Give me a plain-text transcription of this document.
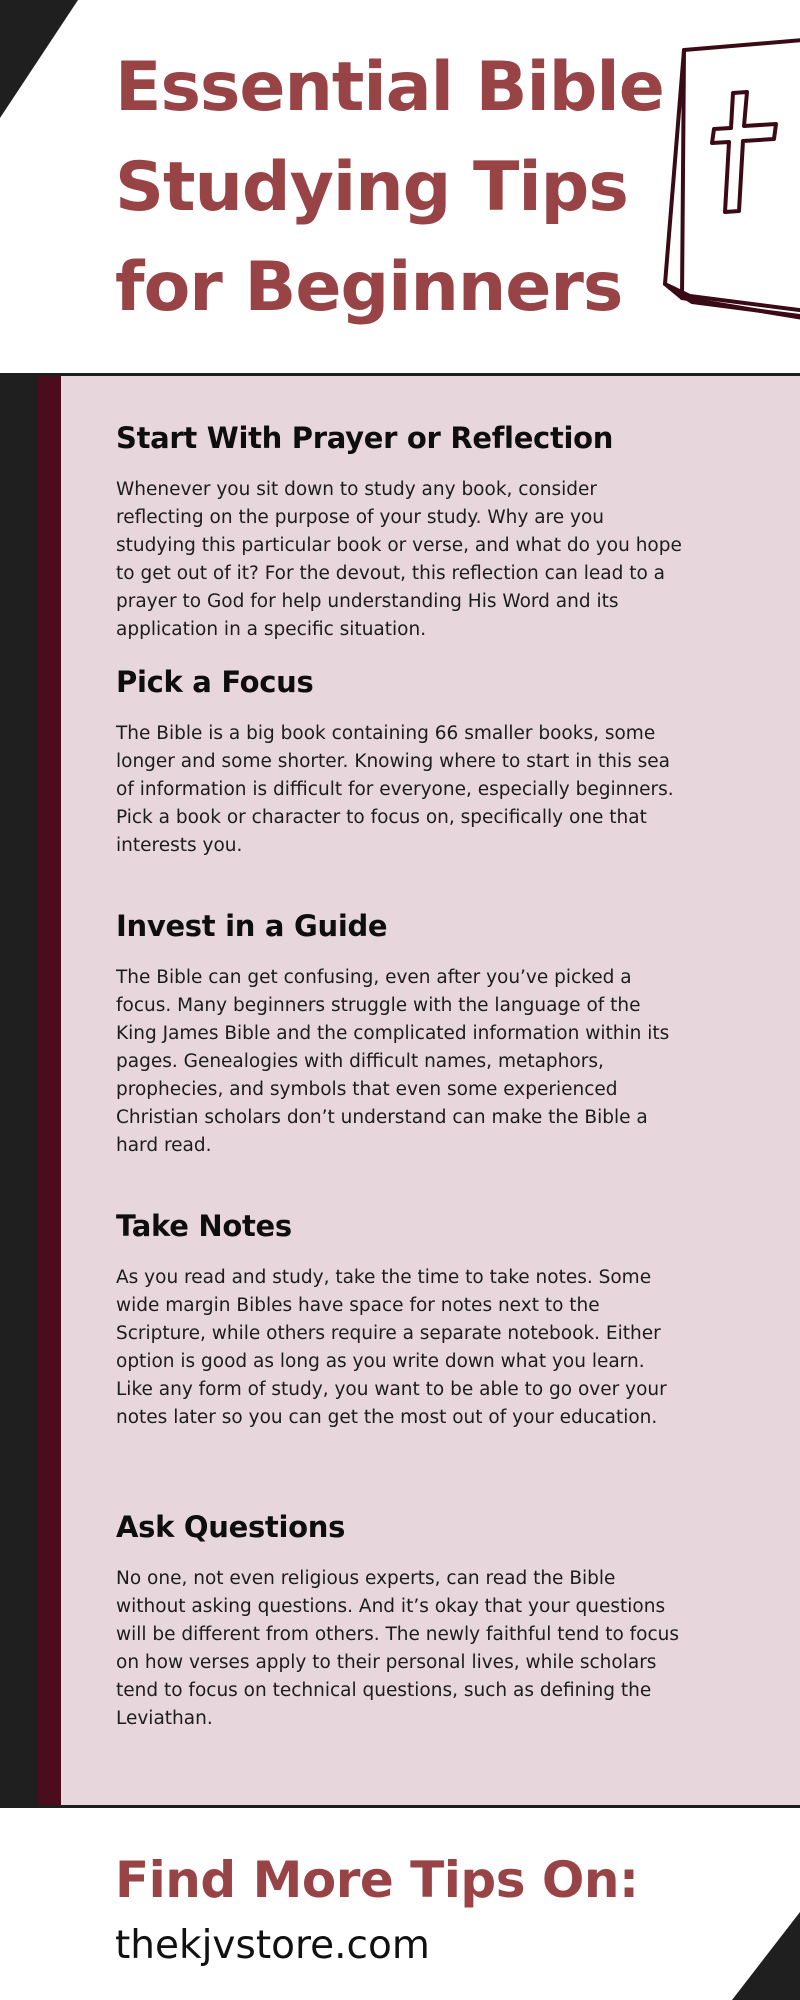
Essential Bible
Studying Tips
for Beginners
Start With Prayer or Reflection

Whenever you sit down to study any book, consider reflecting on the purpose of your study. Why are you studying this particular book or verse, and what do you hope to get out of it? For the devout, this reflection can lead to a prayer to God for help understanding His Word and its application in a specific situation.

Pick a Focus

The Bible is a big book containing 66 smaller books, some longer and some shorter. Knowing where to start in this sea of information is difficult for everyone, especially beginners. Pick a book or character to focus on, specifically one that interests you.

Invest in a Guide

The Bible can get confusing, even after you’ve picked a focus. Many beginners struggle with the language of the King James Bible and the complicated information within its pages. Genealogies with difficult names, metaphors, prophecies, and symbols that even some experienced Christian scholars don’t understand can make the Bible a hard read.

Take Notes

As you read and study, take the time to take notes. Some wide margin Bibles have space for notes next to the Scripture, while others require a separate notebook. Either option is good as long as you write down what you learn. Like any form of study, you want to be able to go over your notes later so you can get the most out of your education.

Ask Questions

No one, not even religious experts, can read the Bible without asking questions. And it’s okay that your questions will be different from others. The newly faithful tend to focus on how verses apply to their personal lives, while scholars tend to focus on technical questions, such as defining the Leviathan.

Find More Tips On:
thekjvstore.com
